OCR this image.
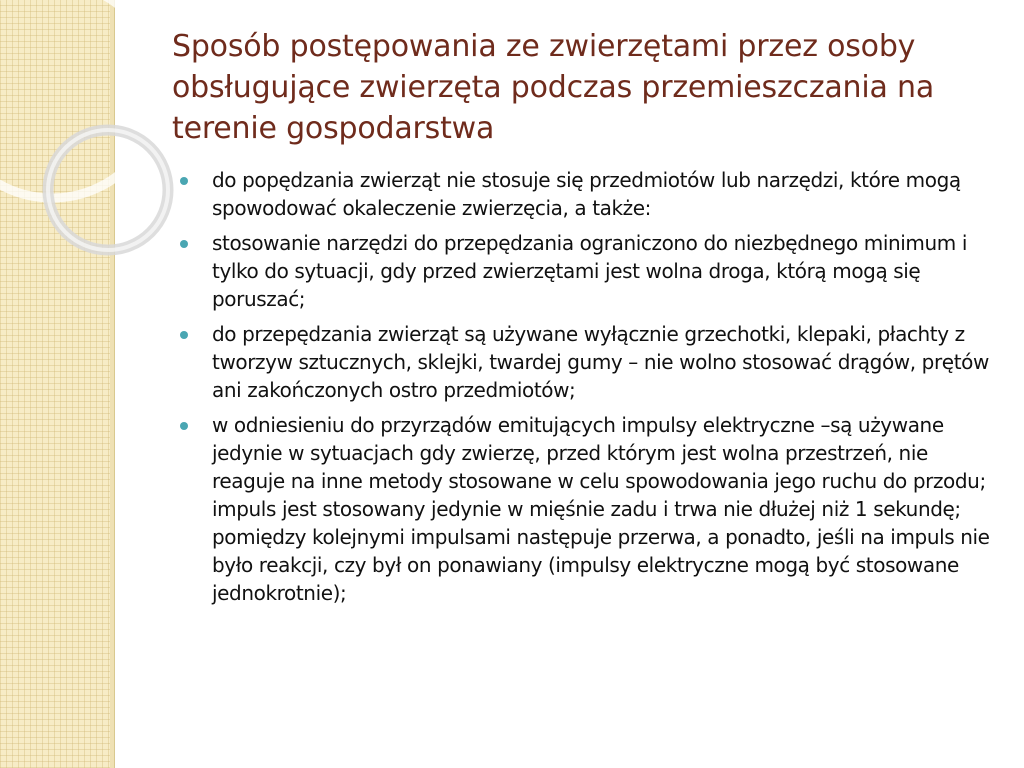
Sposób postępowania ze zwierzętami przez osoby obsługujące zwierzęta podczas przemieszczania na terenie gospodarstwa
do popędzania zwierząt nie stosuje się przedmiotów lub narzędzi, które mogą spowodować okaleczenie zwierzęcia, a także:
stosowanie narzędzi do przepędzania ograniczono do niezbędnego minimum i tylko do sytuacji, gdy przed zwierzętami jest wolna droga, którą mogą się poruszać;
do przepędzania zwierząt są używane wyłącznie grzechotki, klepaki, płachty z tworzyw sztucznych, sklejki, twardej gumy – nie wolno stosować drągów, prętów ani zakończonych ostro przedmiotów;
w odniesieniu do przyrządów emitujących impulsy elektryczne –są używane jedynie w sytuacjach gdy zwierzę, przed którym jest wolna przestrzeń, nie reaguje na inne metody stosowane w celu spowodowania jego ruchu do przodu; impuls jest stosowany jedynie w mięśnie zadu i trwa nie dłużej niż 1 sekundę; pomiędzy kolejnymi impulsami następuje przerwa, a ponadto, jeśli na impuls nie było reakcji, czy był on ponawiany (impulsy elektryczne mogą być stosowane jednokrotnie);
